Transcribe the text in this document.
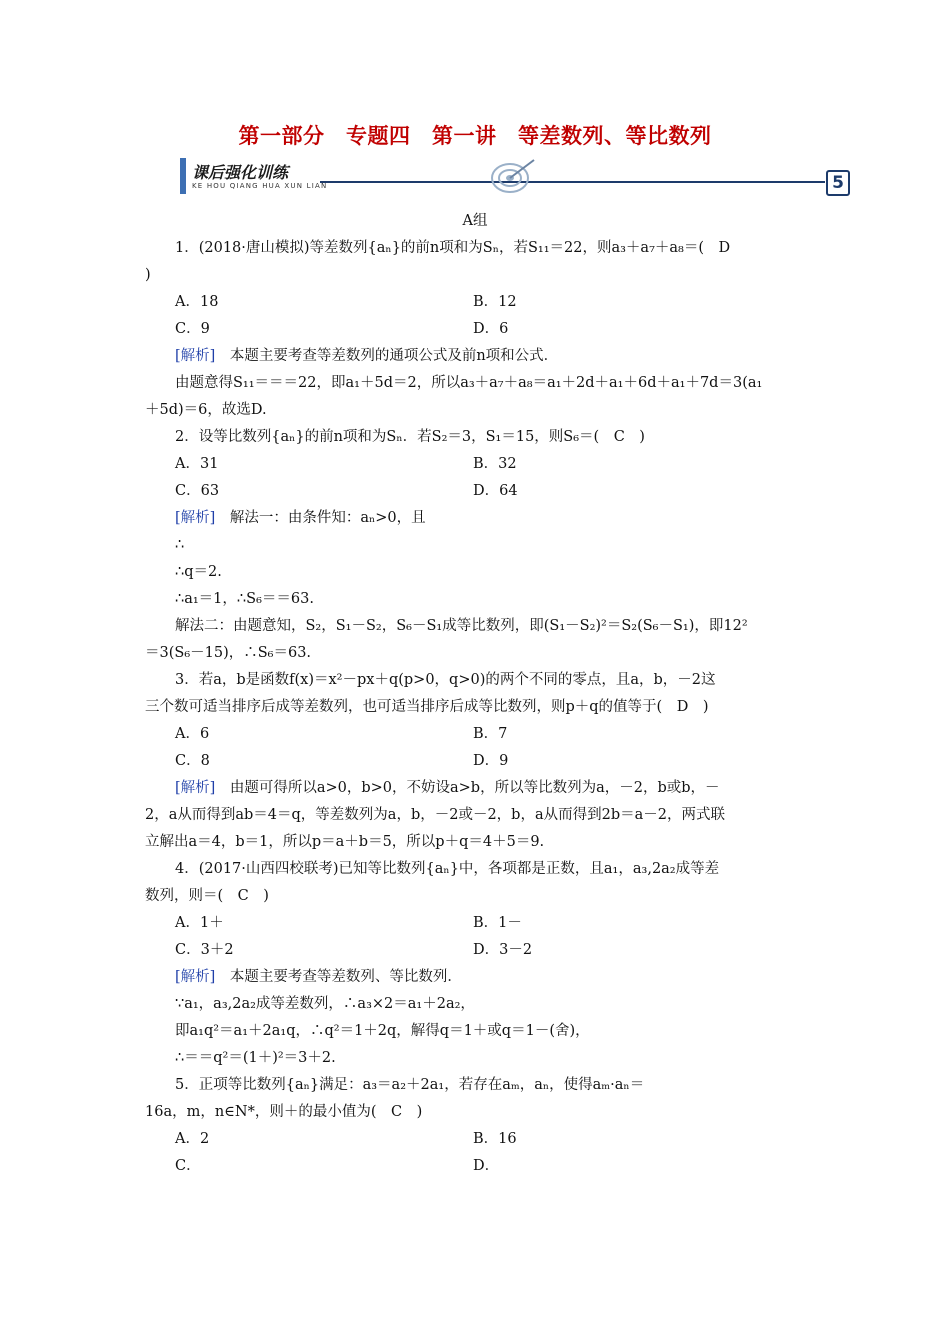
第一部分　专题四　第一讲　等差数列、等比数列
课后强化训练
KE HOU QIANG HUA XUN LIAN	5
A组
1．(2018·唐山模拟)等差数列{aₙ}的前n项和为Sₙ，若S₁₁＝22，则a₃＋a₇＋a₈＝(　D
)
A．18	B．12
C．9	D．6
[解析]　本题主要考查等差数列的通项公式及前n项和公式．
由题意得S₁₁＝＝＝22，即a₁＋5d＝2，所以a₃＋a₇＋a₈＝a₁＋2d＋a₁＋6d＋a₁＋7d＝3(a₁
＋5d)＝6，故选D.
2．设等比数列{aₙ}的前n项和为Sₙ．若S₂＝3，S₁＝15，则S₆＝(　C　)
A．31	B．32
C．63	D．64
[解析]　解法一：由条件知：aₙ>0，且
∴
∴q＝2.
∴a₁＝1，∴S₆＝＝63.
解法二：由题意知，S₂，S₁－S₂，S₆－S₁成等比数列，即(S₁－S₂)²＝S₂(S₆－S₁)，即12²
＝3(S₆－15)，∴S₆＝63.
3．若a，b是函数f(x)＝x²－px＋q(p>0，q>0)的两个不同的零点，且a，b，－2这
三个数可适当排序后成等差数列，也可适当排序后成等比数列，则p＋q的值等于(　D　)
A．6	B．7
C．8	D．9
[解析]　由题可得所以a>0，b>0，不妨设a>b，所以等比数列为a，－2，b或b，－
2，a从而得到ab＝4＝q，等差数列为a，b，－2或－2，b，a从而得到2b＝a－2，两式联
立解出a＝4，b＝1，所以p＝a＋b＝5，所以p＋q＝4＋5＝9.
4．(2017·山西四校联考)已知等比数列{aₙ}中，各项都是正数，且a₁，a₃,2a₂成等差
数列，则＝(　C　)
A．1＋	B．1－
C．3＋2	D．3－2
[解析]　本题主要考查等差数列、等比数列．
∵a₁，a₃,2a₂成等差数列，∴a₃×2＝a₁＋2a₂，
即a₁q²＝a₁＋2a₁q，∴q²＝1＋2q，解得q＝1＋或q＝1－(舍)，
∴＝＝q²＝(1＋)²＝3＋2.
5．正项等比数列{aₙ}满足：a₃＝a₂＋2a₁，若存在aₘ，aₙ，使得aₘ·aₙ＝
16a，m，n∈N*，则＋的最小值为(　C　)
A．2	B．16
C．	D．
